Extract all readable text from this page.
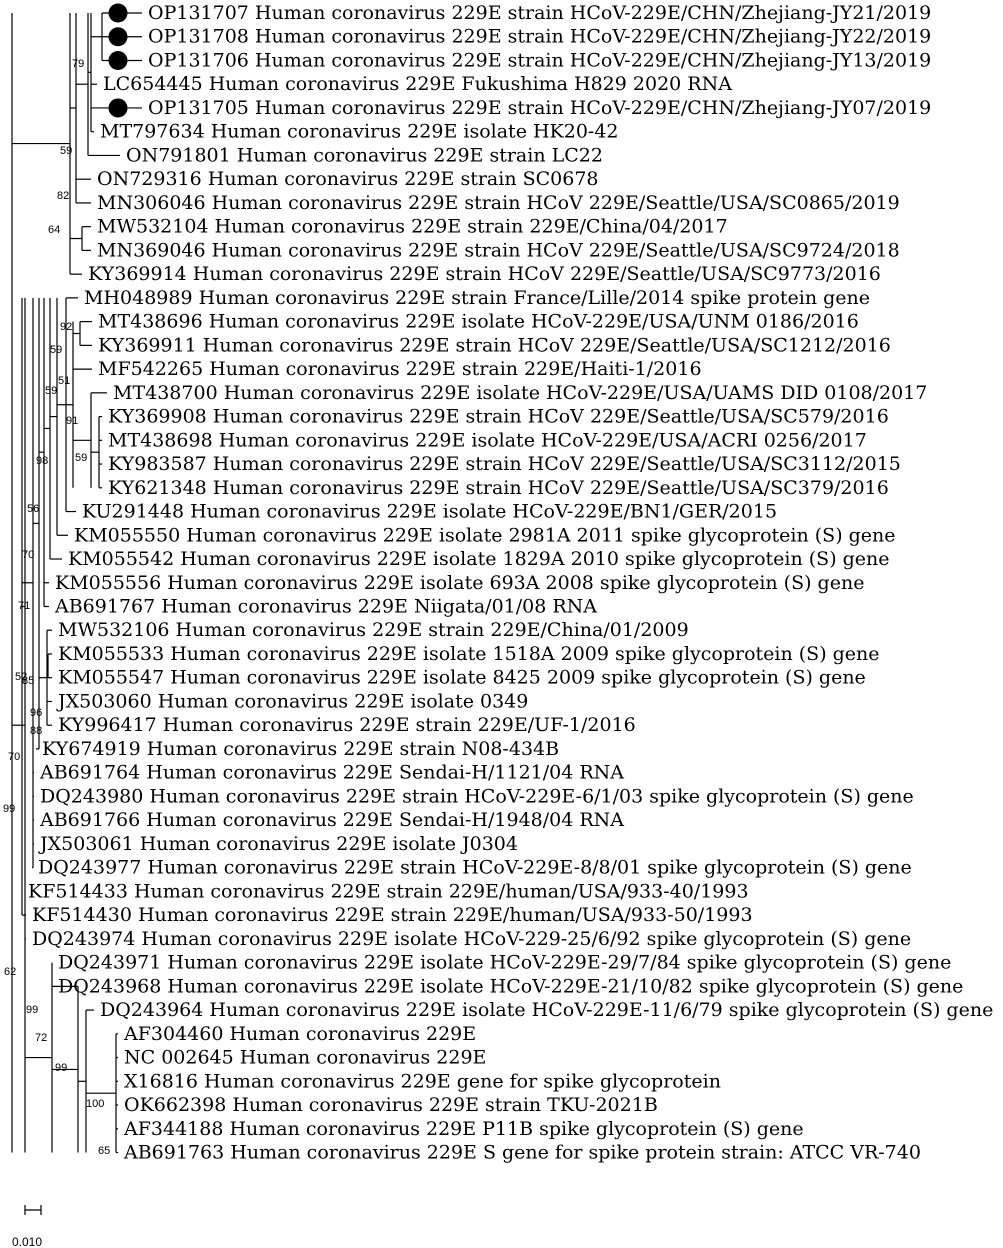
OP131707 Human coronavirus 229E strain HCoV-229E/CHN/Zhejiang-JY21/2019
OP131708 Human coronavirus 229E strain HCoV-229E/CHN/Zhejiang-JY22/2019
OP131706 Human coronavirus 229E strain HCoV-229E/CHN/Zhejiang-JY13/2019
LC654445 Human coronavirus 229E Fukushima H829 2020 RNA
OP131705 Human coronavirus 229E strain HCoV-229E/CHN/Zhejiang-JY07/2019
MT797634 Human coronavirus 229E isolate HK20-42
ON791801 Human coronavirus 229E strain LC22
ON729316 Human coronavirus 229E strain SC0678
MN306046 Human coronavirus 229E strain HCoV 229E/Seattle/USA/SC0865/2019
MW532104 Human coronavirus 229E strain 229E/China/04/2017
MN369046 Human coronavirus 229E strain HCoV 229E/Seattle/USA/SC9724/2018
KY369914 Human coronavirus 229E strain HCoV 229E/Seattle/USA/SC9773/2016
MH048989 Human coronavirus 229E strain France/Lille/2014 spike protein gene
MT438696 Human coronavirus 229E isolate HCoV-229E/USA/UNM 0186/2016
KY369911 Human coronavirus 229E strain HCoV 229E/Seattle/USA/SC1212/2016
MF542265 Human coronavirus 229E strain 229E/Haiti-1/2016
MT438700 Human coronavirus 229E isolate HCoV-229E/USA/UAMS DID 0108/2017
KY369908 Human coronavirus 229E strain HCoV 229E/Seattle/USA/SC579/2016
MT438698 Human coronavirus 229E isolate HCoV-229E/USA/ACRI 0256/2017
KY983587 Human coronavirus 229E strain HCoV 229E/Seattle/USA/SC3112/2015
KY621348 Human coronavirus 229E strain HCoV 229E/Seattle/USA/SC379/2016
KU291448 Human coronavirus 229E isolate HCoV-229E/BN1/GER/2015
KM055550 Human coronavirus 229E isolate 2981A 2011 spike glycoprotein (S) gene
KM055542 Human coronavirus 229E isolate 1829A 2010 spike glycoprotein (S) gene
KM055556 Human coronavirus 229E isolate 693A 2008 spike glycoprotein (S) gene
AB691767 Human coronavirus 229E Niigata/01/08 RNA
MW532106 Human coronavirus 229E strain 229E/China/01/2009
KM055533 Human coronavirus 229E isolate 1518A 2009 spike glycoprotein (S) gene
KM055547 Human coronavirus 229E isolate 8425 2009 spike glycoprotein (S) gene
JX503060 Human coronavirus 229E isolate 0349
KY996417 Human coronavirus 229E strain 229E/UF-1/2016
KY674919 Human coronavirus 229E strain N08-434B
AB691764 Human coronavirus 229E Sendai-H/1121/04 RNA
DQ243980 Human coronavirus 229E strain HCoV-229E-6/1/03 spike glycoprotein (S) gene
AB691766 Human coronavirus 229E Sendai-H/1948/04 RNA
JX503061 Human coronavirus 229E isolate J0304
DQ243977 Human coronavirus 229E strain HCoV-229E-8/8/01 spike glycoprotein (S) gene
KF514433 Human coronavirus 229E strain 229E/human/USA/933-40/1993
KF514430 Human coronavirus 229E strain 229E/human/USA/933-50/1993
DQ243974 Human coronavirus 229E isolate HCoV-229-25/6/92 spike glycoprotein (S) gene
DQ243971 Human coronavirus 229E isolate HCoV-229E-29/7/84 spike glycoprotein (S) gene
DQ243968 Human coronavirus 229E isolate HCoV-229E-21/10/82 spike glycoprotein (S) gene
DQ243964 Human coronavirus 229E isolate HCoV-229E-11/6/79 spike glycoprotein (S) gene
AF304460 Human coronavirus 229E
NC 002645 Human coronavirus 229E
X16816 Human coronavirus 229E gene for spike glycoprotein
OK662398 Human coronavirus 229E strain TKU-2021B
AF344188 Human coronavirus 229E P11B spike glycoprotein (S) gene
AB691763 Human coronavirus 229E S gene for spike protein strain: ATCC VR-740
79
59
82
64
92
59
51
59
91
59
98
56
70
71
52
85
96
88
70
99
62
99
72
99
100
65
0.010
